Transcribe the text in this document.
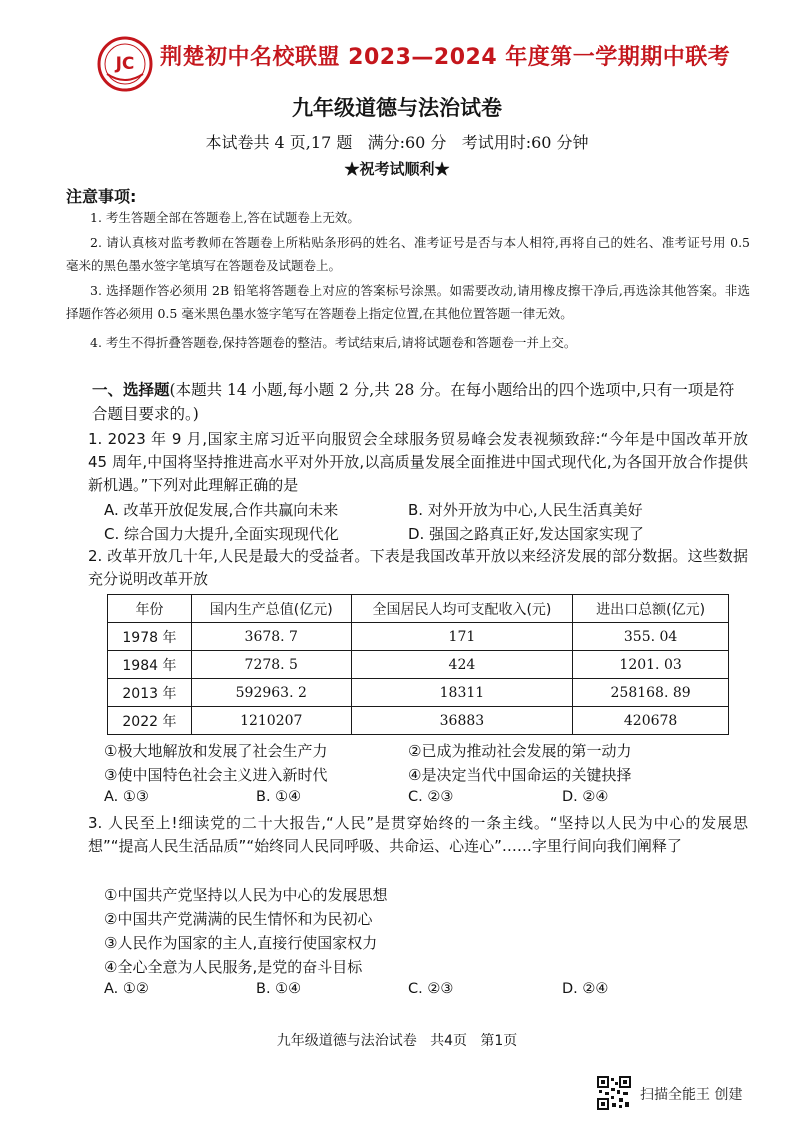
JC 荆楚初中名校联盟 2023—2024 年度第一学期期中联考
九年级道德与法治试卷
本试卷共 4 页,17 题   满分:60 分   考试用时:60 分钟
★祝考试顺利★
注意事项:
1. 考生答题全部在答题卷上,答在试题卷上无效。
2. 请认真核对监考教师在答题卷上所粘贴条形码的姓名、准考证号是否与本人相符,再将自己的姓名、准考证号用 0.5 毫米的黑色墨水签字笔填写在答题卷及试题卷上。
3. 选择题作答必须用 2B 铅笔将答题卷上对应的答案标号涂黑。如需要改动,请用橡皮擦干净后,再选涂其他答案。非选择题作答必须用 0.5 毫米黑色墨水签字笔写在答题卷上指定位置,在其他位置答题一律无效。
4. 考生不得折叠答题卷,保持答题卷的整洁。考试结束后,请将试题卷和答题卷一并上交。
一、选择题(本题共 14 小题,每小题 2 分,共 28 分。在每小题给出的四个选项中,只有一项是符合题目要求的。)
1. 2023 年 9 月,国家主席习近平向服贸会全球服务贸易峰会发表视频致辞:“今年是中国改革开放 45 周年,中国将坚持推进高水平对外开放,以高质量发展全面推进中国式现代化,为各国开放合作提供新机遇。”下列对此理解正确的是
A. 改革开放促发展,合作共赢向未来	B. 对外开放为中心,人民生活真美好
C. 综合国力大提升,全面实现现代化	D. 强国之路真正好,发达国家实现了
2. 改革开放几十年,人民是最大的受益者。下表是我国改革开放以来经济发展的部分数据。这些数据充分说明改革开放
年份	国内生产总值(亿元)	全国居民人均可支配收入(元)	进出口总额(亿元)
1978 年	3678. 7	171	355. 04
1984 年	7278. 5	424	1201. 03
2013 年	592963. 2	18311	258168. 89
2022 年	1210207	36883	420678
①极大地解放和发展了社会生产力	②已成为推动社会发展的第一动力
③使中国特色社会主义进入新时代	④是决定当代中国命运的关键抉择
A. ①③	B. ①④	C. ②③	D. ②④
3. 人民至上!细读党的二十大报告,“人民”是贯穿始终的一条主线。“坚持以人民为中心的发展思想”“提高人民生活品质”“始终同人民同呼吸、共命运、心连心”……字里行间向我们阐释了
①中国共产党坚持以人民为中心的发展思想
②中国共产党满满的民生情怀和为民初心
③人民作为国家的主人,直接行使国家权力
④全心全意为人民服务,是党的奋斗目标
A. ①②	B. ①④	C. ②③	D. ②④
九年级道德与法治试卷   共4页   第1页
扫描全能王 创建
